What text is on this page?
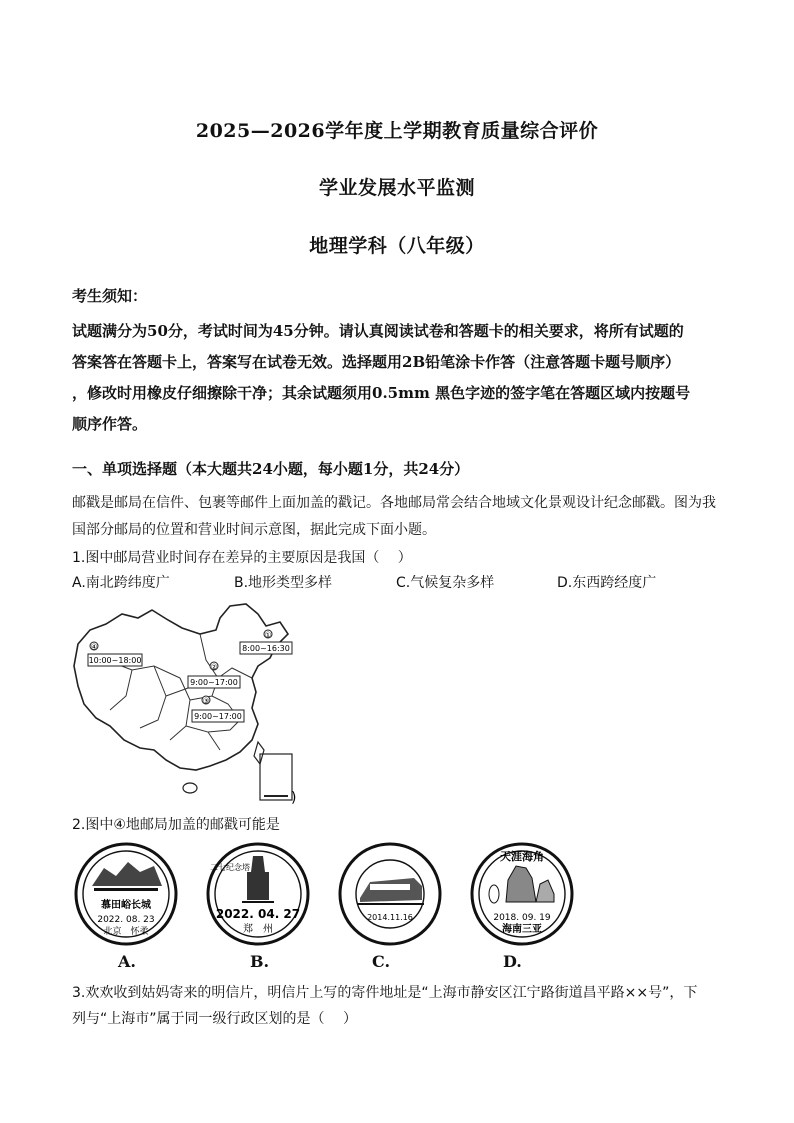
2025—2026学年度上学期教育质量综合评价
学业发展水平监测
地理学科（八年级）
考生须知：
试题满分为50分，考试时间为45分钟。请认真阅读试卷和答题卡的相关要求，将所有试题的
答案答在答题卡上，答案写在试卷无效。选择题用2B铅笔涂卡作答（注意答题卡题号顺序）
，修改时用橡皮仔细擦除干净；其余试题须用0.5mm 黑色字迹的签字笔在答题区域内按题号
顺序作答。
一、单项选择题（本大题共24小题，每小题1分，共24分）
邮戳是邮局在信件、包裹等邮件上面加盖的戳记。各地邮局常会结合地域文化景观设计纪念邮戳。图为我
国部分邮局的位置和营业时间示意图，据此完成下面小题。
1.图中邮局营业时间存在差异的主要原因是我国（　 ）
A.南北跨纬度广	B.地形类型多样	C.气候复杂多样	D.东西跨经度广
)
①
8:00~16:30
②
9:00~17:00
③
9:00~17:00
④
10:00~18:00
2.图中④地邮局加盖的邮戳可能是
慕田峪长城
2022. 08. 23
北京　怀柔
二七纪念塔
2022. 04. 27
郑　州
2014.11.16
天涯海角
2018. 09. 19
海南三亚
A.	B.	C.	D.
3.欢欢收到姑妈寄来的明信片，明信片上写的寄件地址是“上海市静安区江宁路街道昌平路××号”，下
列与“上海市”属于同一级行政区划的是（　 ）
